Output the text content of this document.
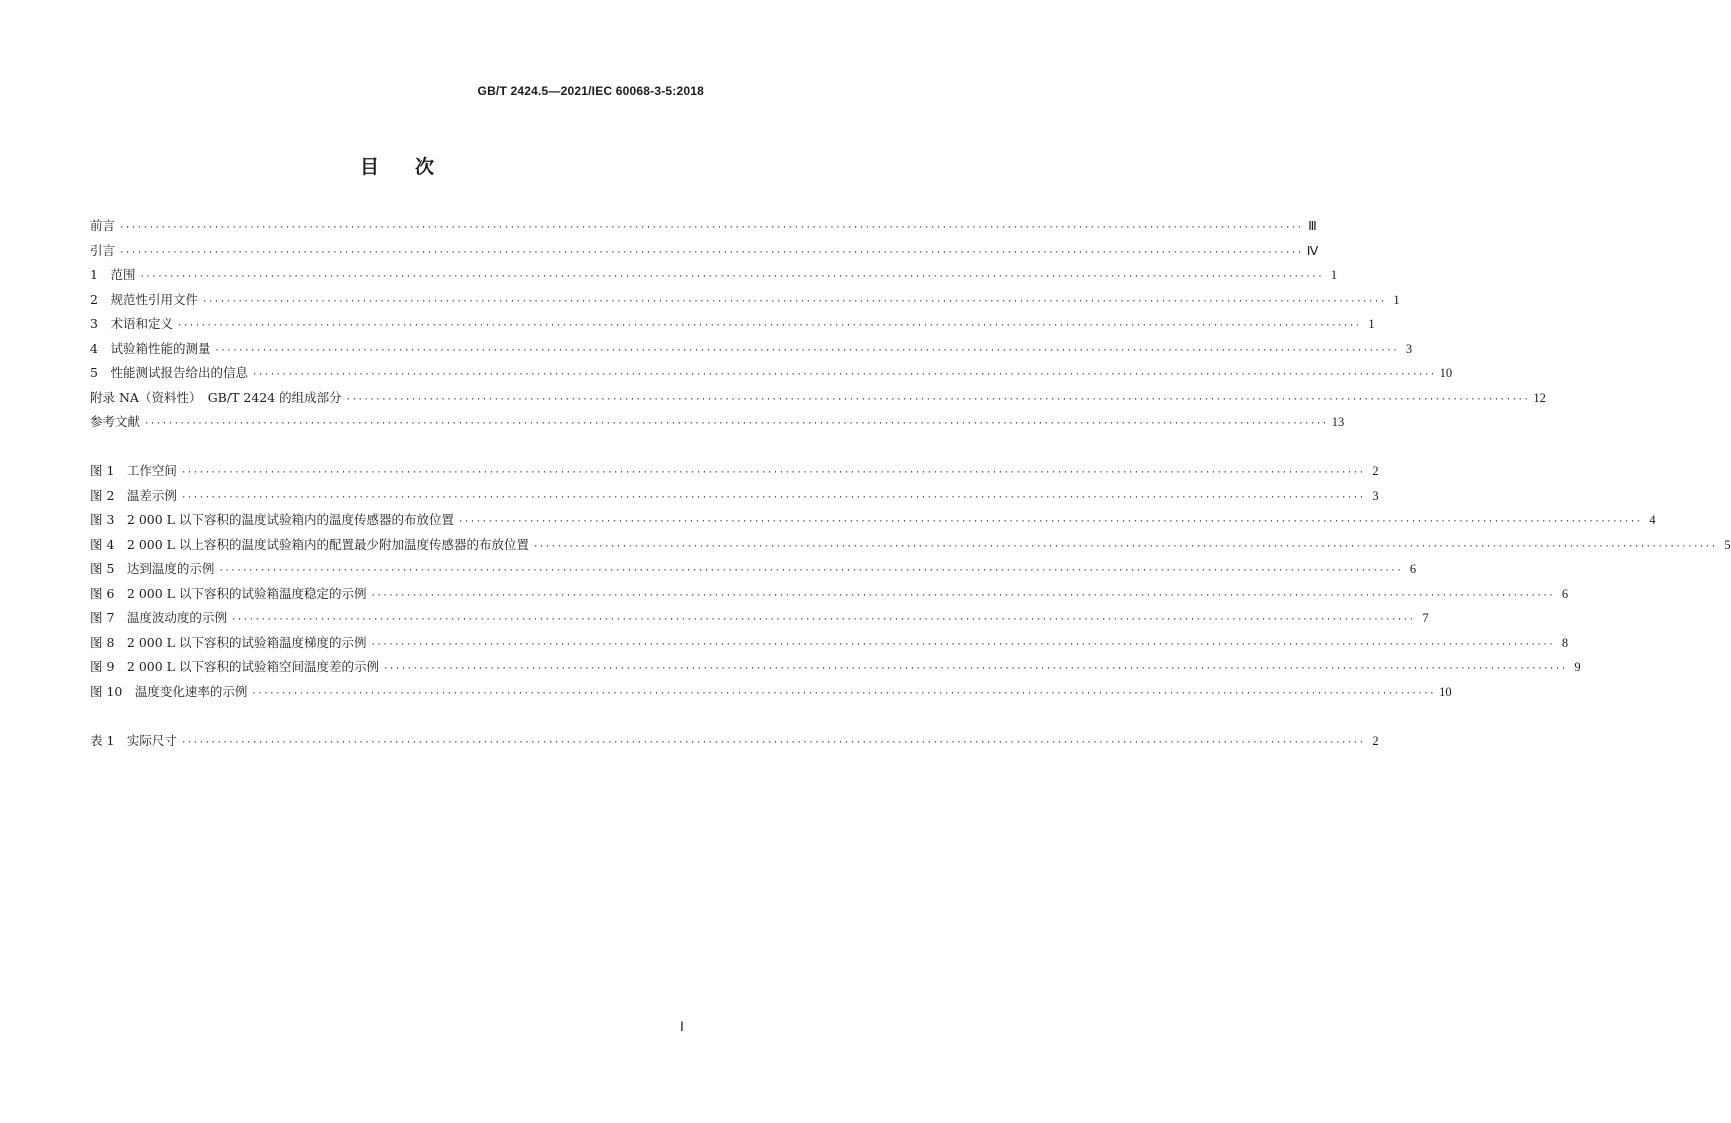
GB/T 2424.5—2021/IEC 60068-3-5:2018
目次
前言 ········································································································································································································ Ⅲ
引言 ········································································································································································································ Ⅳ
1　范围 ········································································································································································································ 1
2　规范性引用文件 ········································································································································································································ 1
3　术语和定义 ········································································································································································································ 1
4　试验箱性能的测量 ········································································································································································································ 3
5　性能测试报告给出的信息 ········································································································································································································ 10
附录 NA（资料性）　GB/T 2424 的组成部分 ········································································································································································································ 12
参考文献 ········································································································································································································ 13
图 1　工作空间 ········································································································································································································ 2
图 2　温差示例 ········································································································································································································ 3
图 3　2 000 L 以下容积的温度试验箱内的温度传感器的布放位置 ········································································································································································································ 4
图 4　2 000 L 以上容积的温度试验箱内的配置最少附加温度传感器的布放位置 ········································································································································································································ 5
图 5　达到温度的示例 ········································································································································································································ 6
图 6　2 000 L 以下容积的试验箱温度稳定的示例 ········································································································································································································ 6
图 7　温度波动度的示例 ········································································································································································································ 7
图 8　2 000 L 以下容积的试验箱温度梯度的示例 ········································································································································································································ 8
图 9　2 000 L 以下容积的试验箱空间温度差的示例 ········································································································································································································ 9
图 10　温度变化速率的示例 ········································································································································································································ 10
表 1　实际尺寸 ········································································································································································································ 2
Ⅰ
